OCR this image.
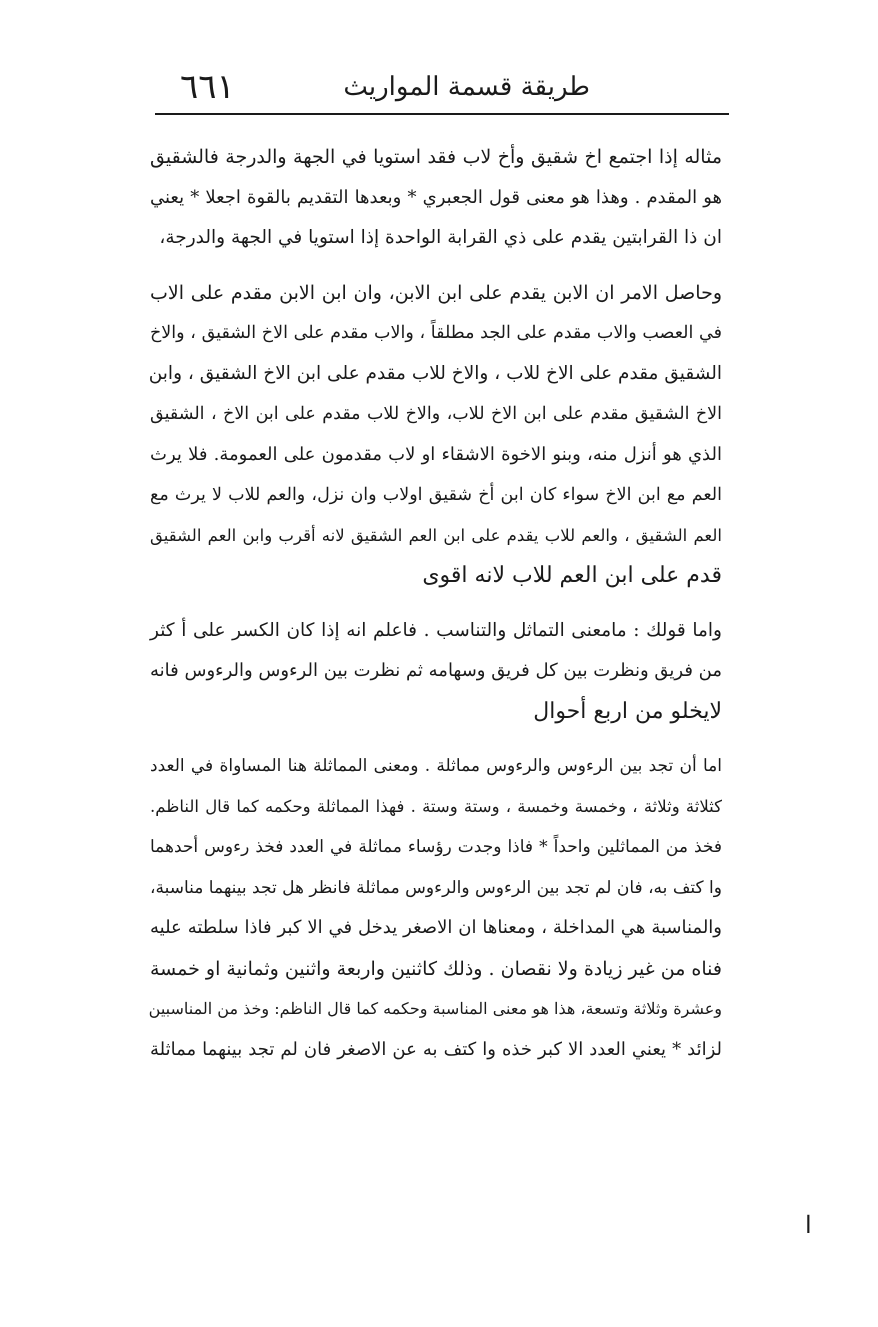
طريقة قسمة المواريث
٦٦١
مثاله إذا اجتمع اخ شقيق وأخ لاب فقد استويا في الجهة والدرجة فالشقيق
هو المقدم . وهذا هو معنى قول الجعبري * وبعدها التقديم بالقوة اجعلا * يعني
ان ذا القرابتين يقدم على ذي القرابة الواحدة إذا استويا في الجهة والدرجة،
وحاصل الامر ان الابن يقدم على ابن الابن، وان ابن الابن مقدم على الاب
في العصب والاب مقدم على الجد مطلقاً ، والاب مقدم على الاخ الشقيق ، والاخ
الشقيق مقدم على الاخ للاب ، والاخ للاب مقدم على ابن الاخ الشقيق ، وابن
الاخ الشقيق مقدم على ابن الاخ للاب، والاخ للاب مقدم على ابن الاخ ، الشقيق
الذي هو أنزل منه، وبنو الاخوة الاشقاء او لاب مقدمون على العمومة. فلا يرث
العم مع ابن الاخ سواء كان ابن أخ شقيق اولاب وان نزل، والعم للاب لا يرث مع
العم الشقيق ، والعم للاب يقدم على ابن العم الشقيق لانه أقرب وابن العم الشقيق
قدم على ابن العم للاب لانه اقوى
واما قولك : مامعنى التماثل والتناسب . فاعلم انه إذا كان الكسر على أ كثر
من فريق ونظرت بين كل فريق وسهامه ثم نظرت بين الرءوس والرءوس فانه
لايخلو من اربع أحوال
اما أن تجد بين الرءوس والرءوس مماثلة . ومعنى المماثلة هنا المساواة في العدد
كثلاثة وثلاثة ، وخمسة وخمسة ، وستة وستة . فهذا المماثلة وحكمه كما قال الناظم.
فخذ من المماثلين واحداً * فاذا وجدت رؤساء مماثلة في العدد فخذ رءوس أحدهما
وا كتف به، فان لم تجد بين الرءوس والرءوس مماثلة فانظر هل تجد بينهما مناسبة،
والمناسبة هي المداخلة ، ومعناها ان الاصغر يدخل في الا كبر فاذا سلطته عليه
فناه من غير زيادة ولا نقصان . وذلك كاثنين واربعة واثنين وثمانية او خمسة
وعشرة وثلاثة وتسعة، هذا هو معنى المناسبة وحكمه كما قال الناظم: وخذ من المناسبين
لزائد * يعني العدد الا كبر خذه وا كتف به عن الاصغر فان لم تجد بينهما مماثلة
ا
